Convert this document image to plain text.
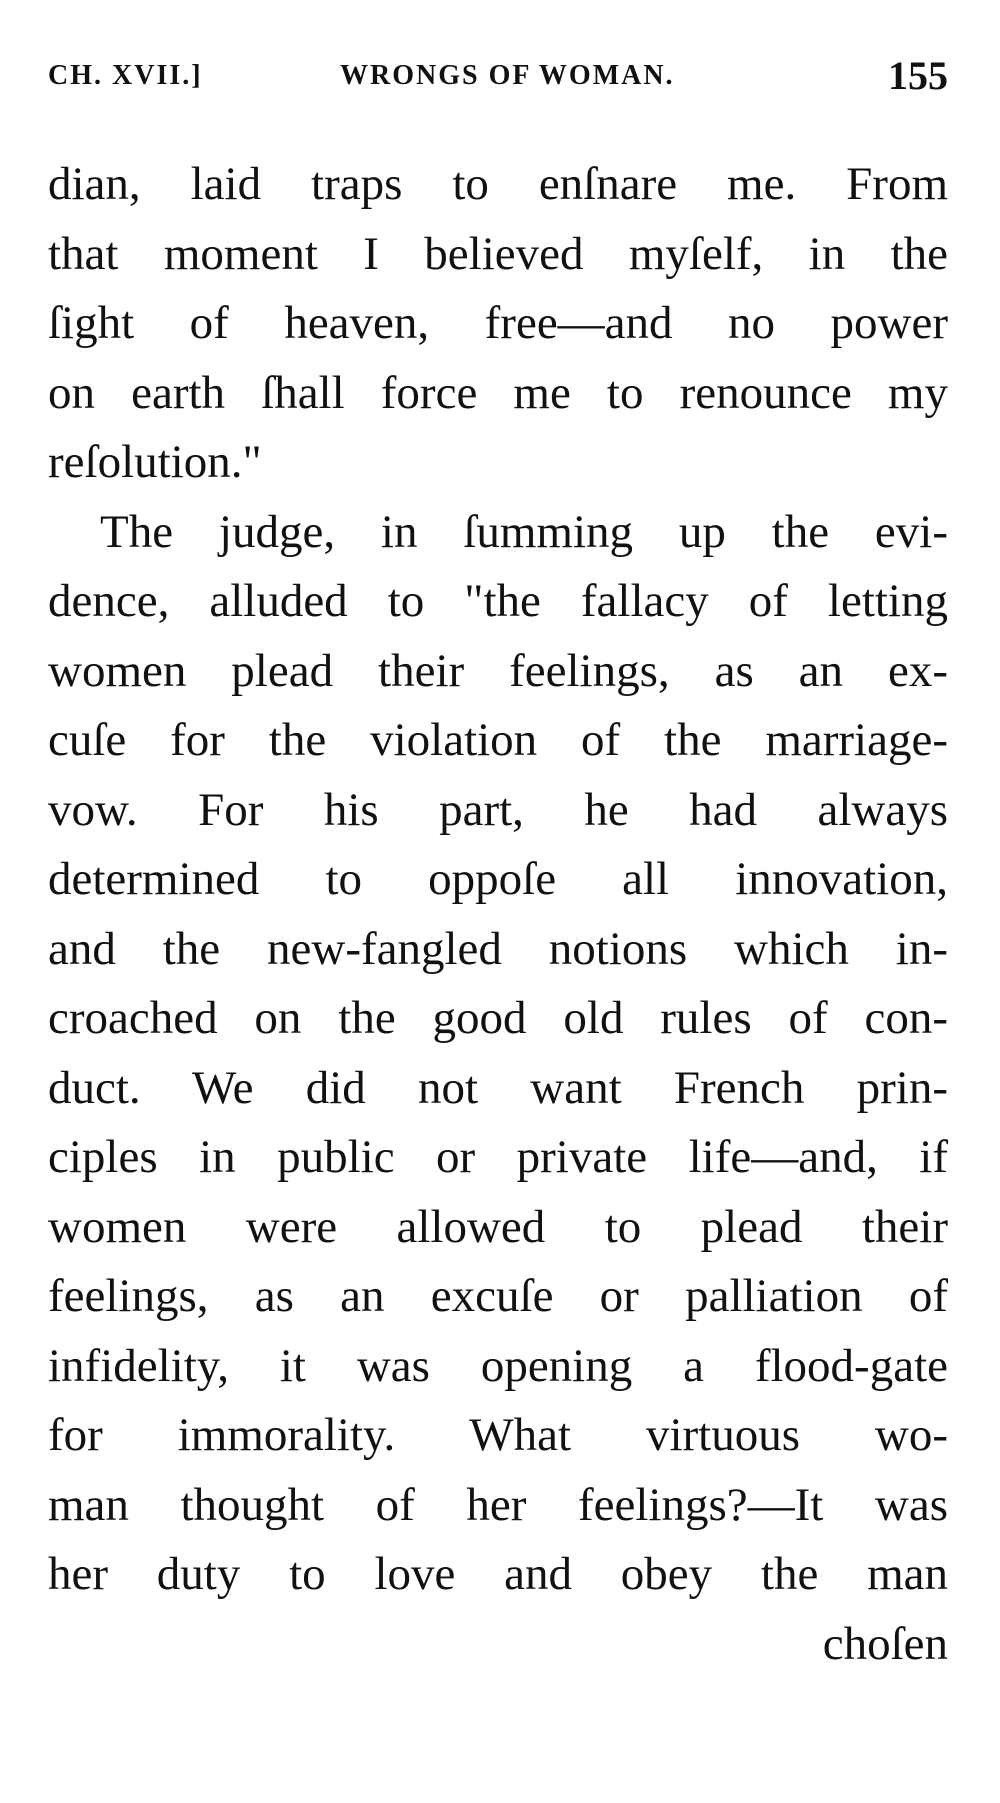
CH. XVII.]	WRONGS OF WOMAN.	155
dian, laid traps to enſnare me. From
that moment I believed myſelf, in the
ſight of heaven, free—and no power
on earth ſhall force me to renounce my
reſolution."
The judge, in ſumming up the evi-
dence, alluded to "the fallacy of letting
women plead their feelings, as an ex-
cuſe for the violation of the marriage-
vow. For his part, he had always
determined to oppoſe all innovation,
and the new-fangled notions which in-
croached on the good old rules of con-
duct. We did not want French prin-
ciples in public or private life—and, if
women were allowed to plead their
feelings, as an excuſe or palliation of
infidelity, it was opening a flood-gate
for immorality. What virtuous wo-
man thought of her feelings?—It was
her duty to love and obey the man
choſen
